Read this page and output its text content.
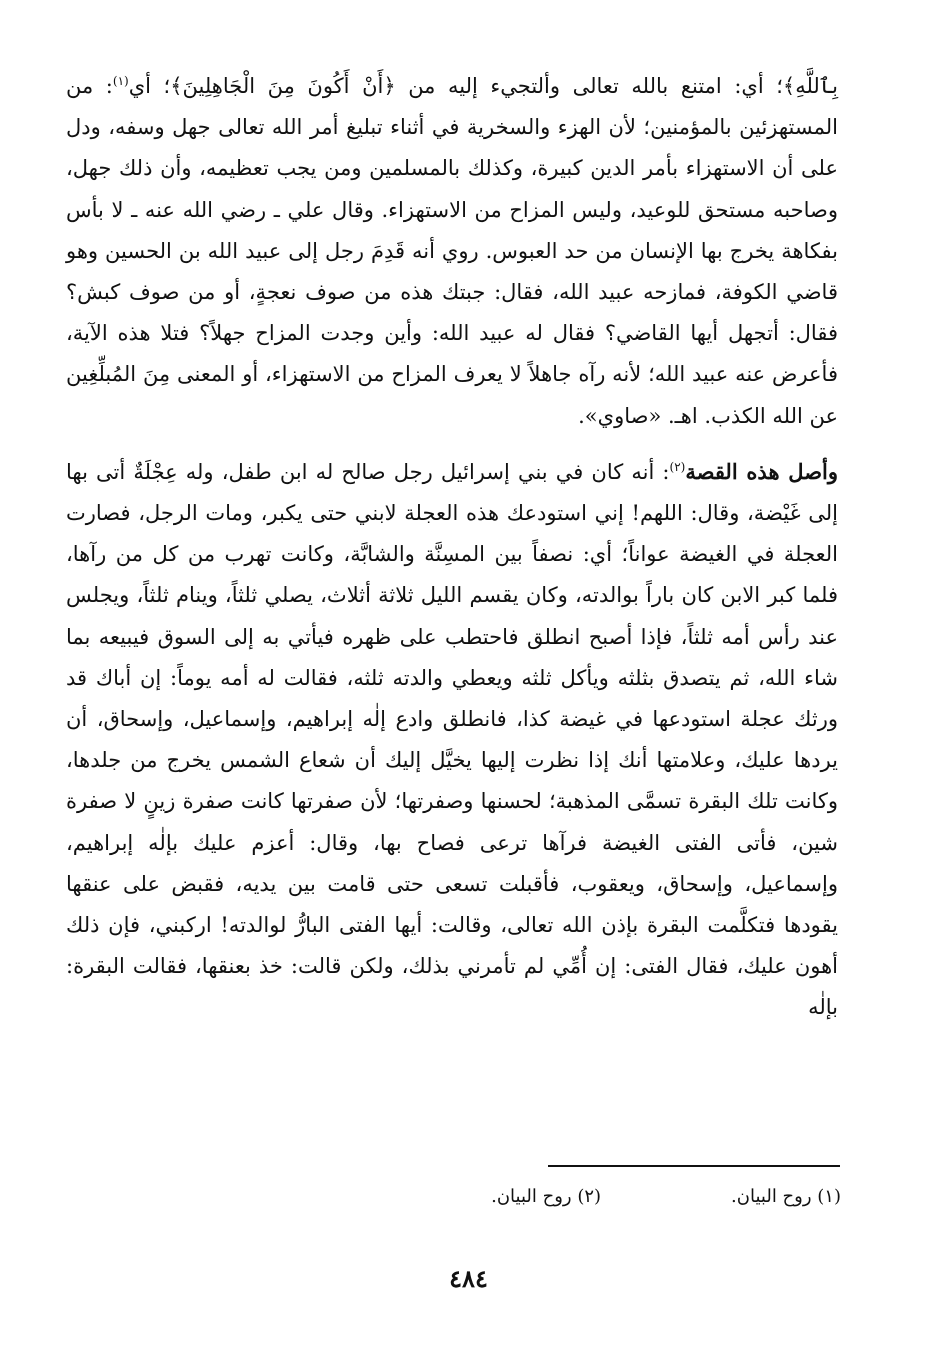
بِٱللَّهِ﴾؛ أي: امتنع بالله تعالى وألتجيء إليه من ﴿أَنْ أَكُونَ مِنَ الْجَاهِلِينَ﴾؛ أي$^{(١)}$: من المستهزئين بالمؤمنين؛ لأن الهزء والسخرية في أثناء تبليغ أمر الله تعالى جهل وسفه، ودل على أن الاستهزاء بأمر الدين كبيرة، وكذلك بالمسلمين ومن يجب تعظيمه، وأن ذلك جهل، وصاحبه مستحق للوعيد، وليس المزاح من الاستهزاء. وقال علي ـ رضي الله عنه ـ لا بأس بفكاهة يخرج بها الإنسان من حد العبوس. روي أنه قَدِمَ رجل إلى عبيد الله بن الحسين وهو قاضي الكوفة، فمازحه عبيد الله، فقال: جبتك هذه من صوف نعجةٍ، أو من صوف كبش؟ فقال: أتجهل أيها القاضي؟ فقال له عبيد الله: وأين وجدت المزاح جهلاً؟ فتلا هذه الآية، فأعرض عنه عبيد الله؛ لأنه رآه جاهلاً لا يعرف المزاح من الاستهزاء، أو المعنى مِنَ المُبلِّغِين عن الله الكذب. اهـ. «صاوي».

وأصل هذه القصة$^{(٢)}$: أنه كان في بني إسرائيل رجل صالح له ابن طفل، وله عِجْلَةٌ أتى بها إلى غَيْضة، وقال: اللهم! إني استودعك هذه العجلة لابني حتى يكبر، ومات الرجل، فصارت العجلة في الغيضة عواناً؛ أي: نصفاً بين المسِنَّة والشابَّة، وكانت تهرب من كل من رآها، فلما كبر الابن كان باراً بوالدته، وكان يقسم الليل ثلاثة أثلاث، يصلي ثلثاً، وينام ثلثاً، ويجلس عند رأس أمه ثلثاً، فإذا أصبح انطلق فاحتطب على ظهره فيأتي به إلى السوق فيبيعه بما شاء الله، ثم يتصدق بثلثه ويأكل ثلثه ويعطي والدته ثلثه، فقالت له أمه يوماً: إن أباك قد ورثك عجلة استودعها في غيضة كذا، فانطلق وادع إلٰه إبراهيم، وإسماعيل، وإسحاق، أن يردها عليك، وعلامتها أنك إذا نظرت إليها يخيَّل إليك أن شعاع الشمس يخرج من جلدها، وكانت تلك البقرة تسمَّى المذهبة؛ لحسنها وصفرتها؛ لأن صفرتها كانت صفرة زينٍ لا صفرة شين، فأتى الفتى الغيضة فرآها ترعى فصاح بها، وقال: أعزم عليك بإلٰه إبراهيم، وإسماعيل، وإسحاق، ويعقوب، فأقبلت تسعى حتى قامت بين يديه، فقبض على عنقها يقودها فتكلَّمت البقرة بإذن الله تعالى، وقالت: أيها الفتى البارُّ لوالدته! اركبني، فإن ذلك أهون عليك، فقال الفتى: إن أُمِّي لم تأمرني بذلك، ولكن قالت: خذ بعنقها، فقالت البقرة: بإلٰه

(١) روح البيان.
(٢) روح البيان.
٤٨٤
